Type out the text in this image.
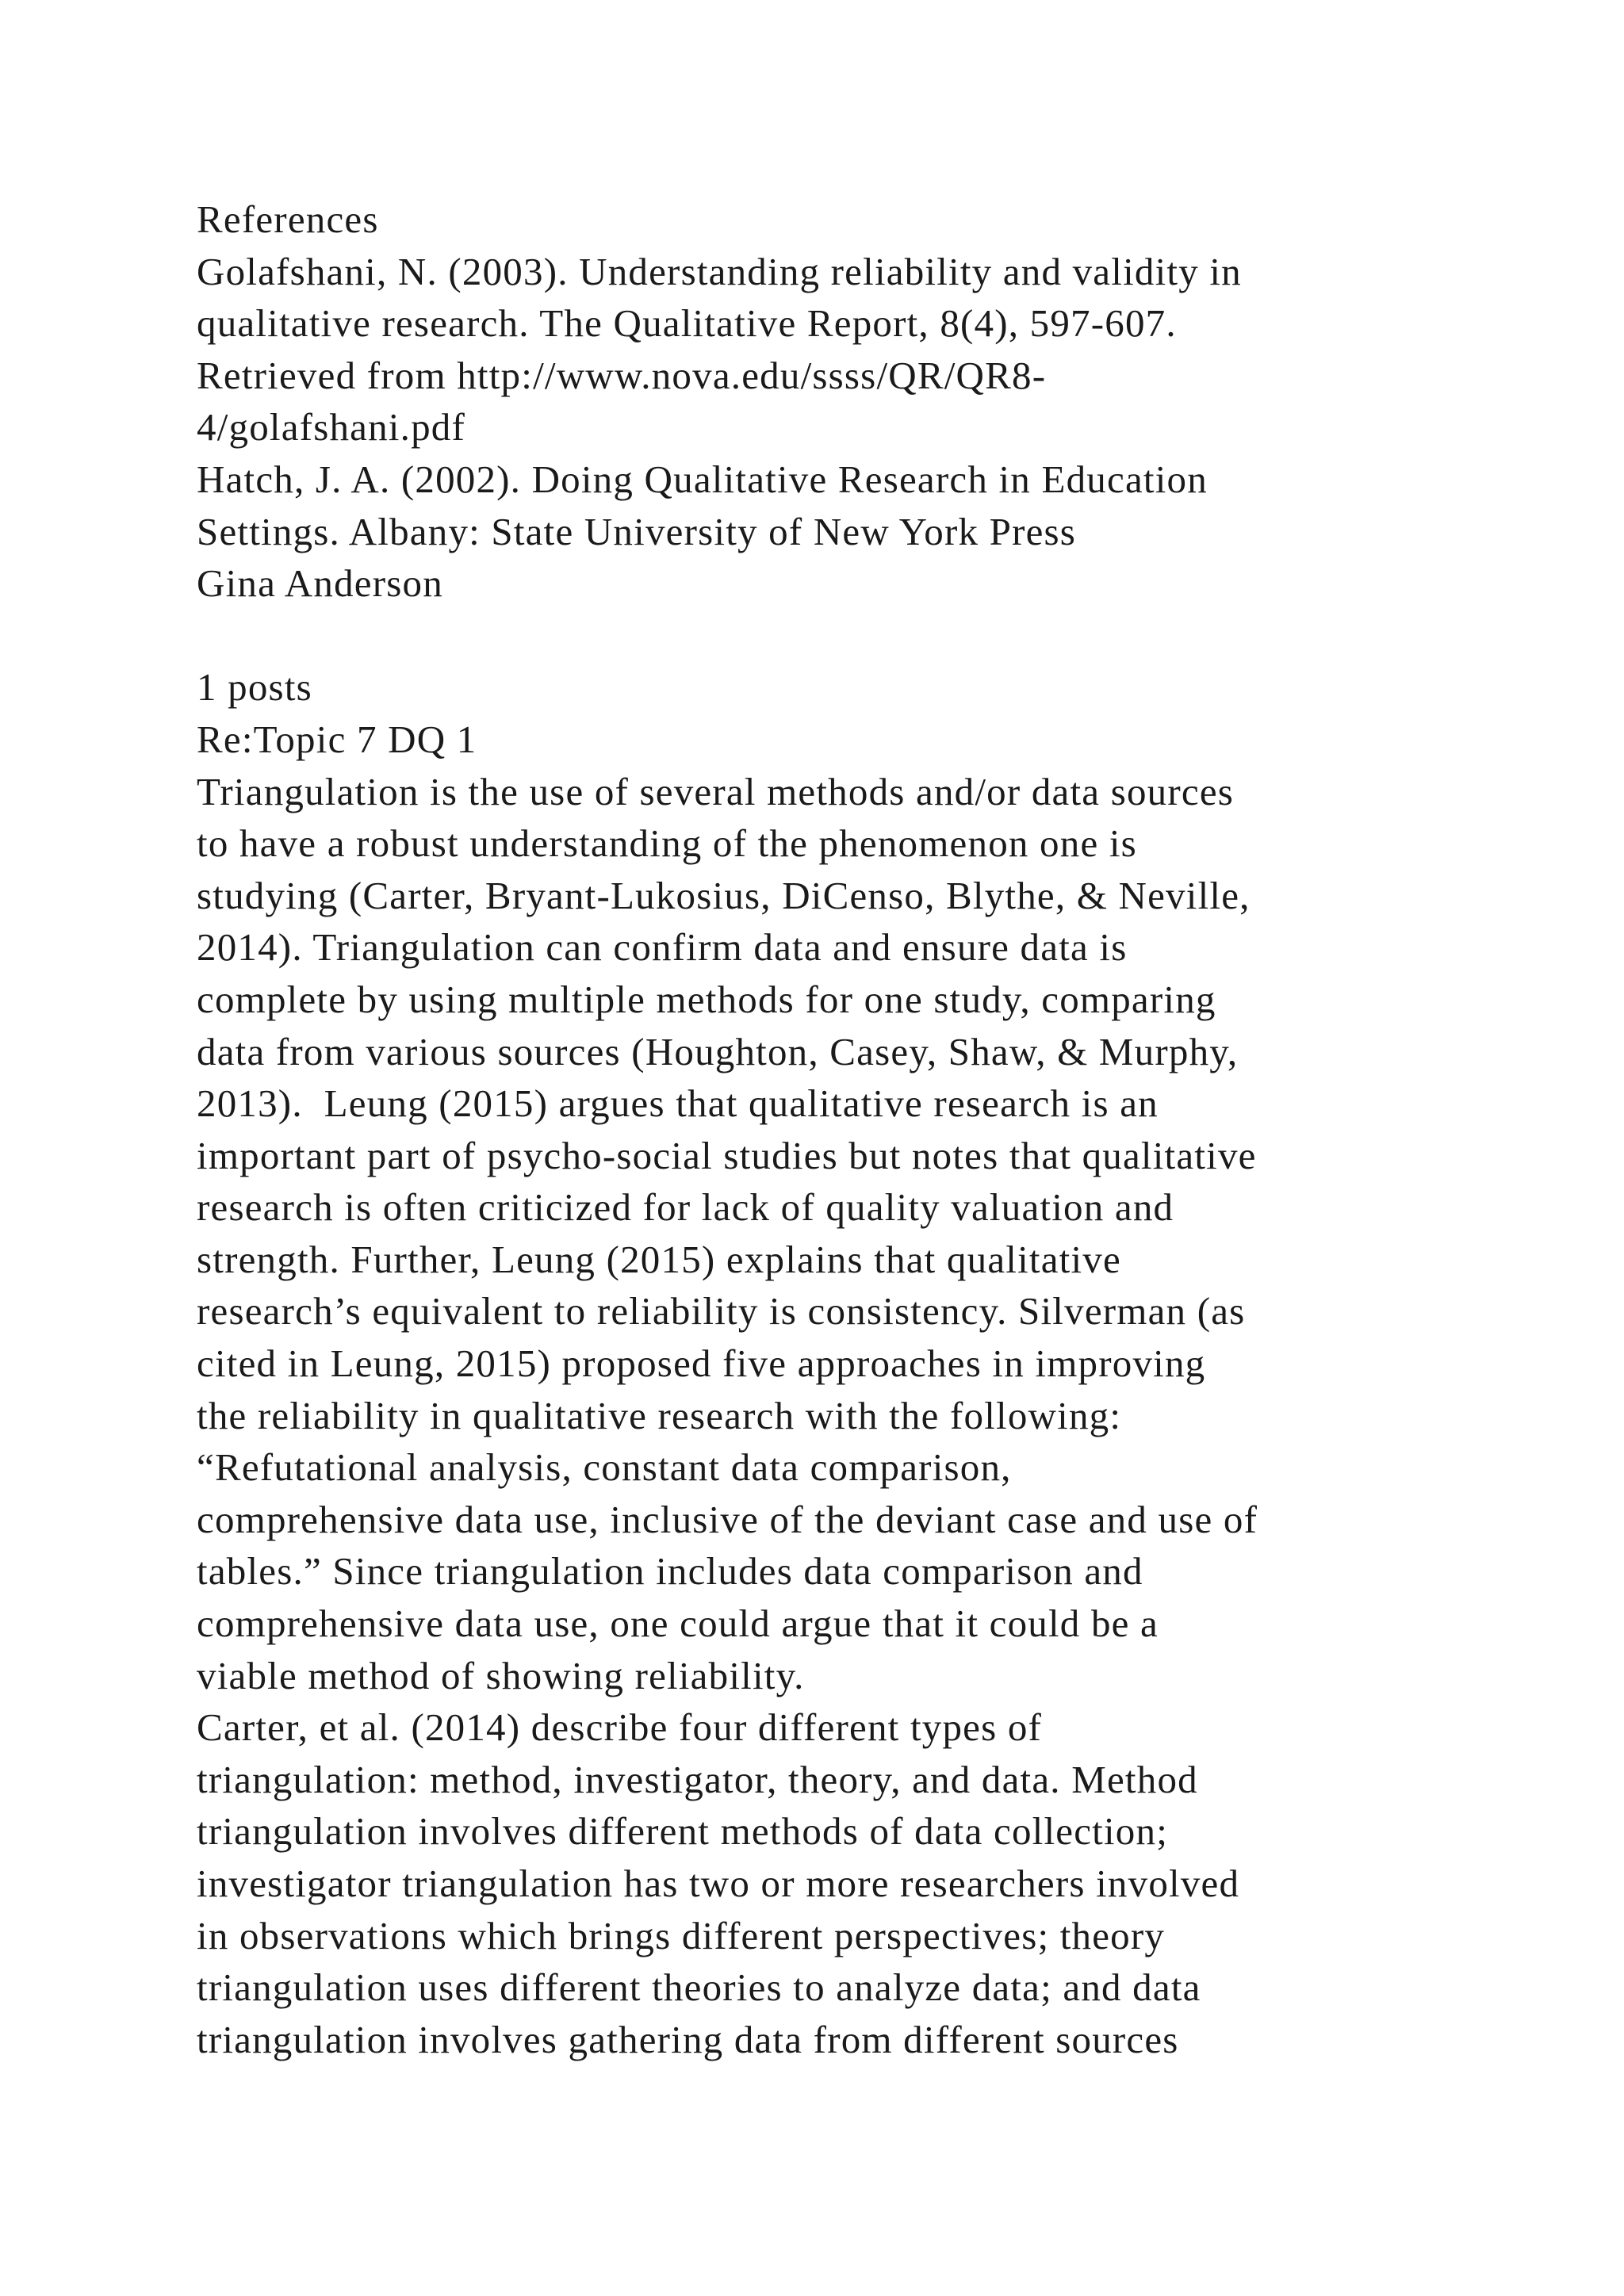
References
Golafshani, N. (2003). Understanding reliability and validity in
qualitative research. The Qualitative Report, 8(4), 597-607.
Retrieved from http://www.nova.edu/ssss/QR/QR8-
4/golafshani.pdf
Hatch, J. A. (2002). Doing Qualitative Research in Education
Settings. Albany: State University of New York Press
Gina Anderson
1 posts
Re:Topic 7 DQ 1
Triangulation is the use of several methods and/or data sources
to have a robust understanding of the phenomenon one is
studying (Carter, Bryant-Lukosius, DiCenso, Blythe, & Neville,
2014). Triangulation can confirm data and ensure data is
complete by using multiple methods for one study, comparing
data from various sources (Houghton, Casey, Shaw, & Murphy,
2013).  Leung (2015) argues that qualitative research is an
important part of psycho-social studies but notes that qualitative
research is often criticized for lack of quality valuation and
strength. Further, Leung (2015) explains that qualitative
research’s equivalent to reliability is consistency. Silverman (as
cited in Leung, 2015) proposed five approaches in improving
the reliability in qualitative research with the following:
“Refutational analysis, constant data comparison,
comprehensive data use, inclusive of the deviant case and use of
tables.” Since triangulation includes data comparison and
comprehensive data use, one could argue that it could be a
viable method of showing reliability.
Carter, et al. (2014) describe four different types of
triangulation: method, investigator, theory, and data. Method
triangulation involves different methods of data collection;
investigator triangulation has two or more researchers involved
in observations which brings different perspectives; theory
triangulation uses different theories to analyze data; and data
triangulation involves gathering data from different sources
